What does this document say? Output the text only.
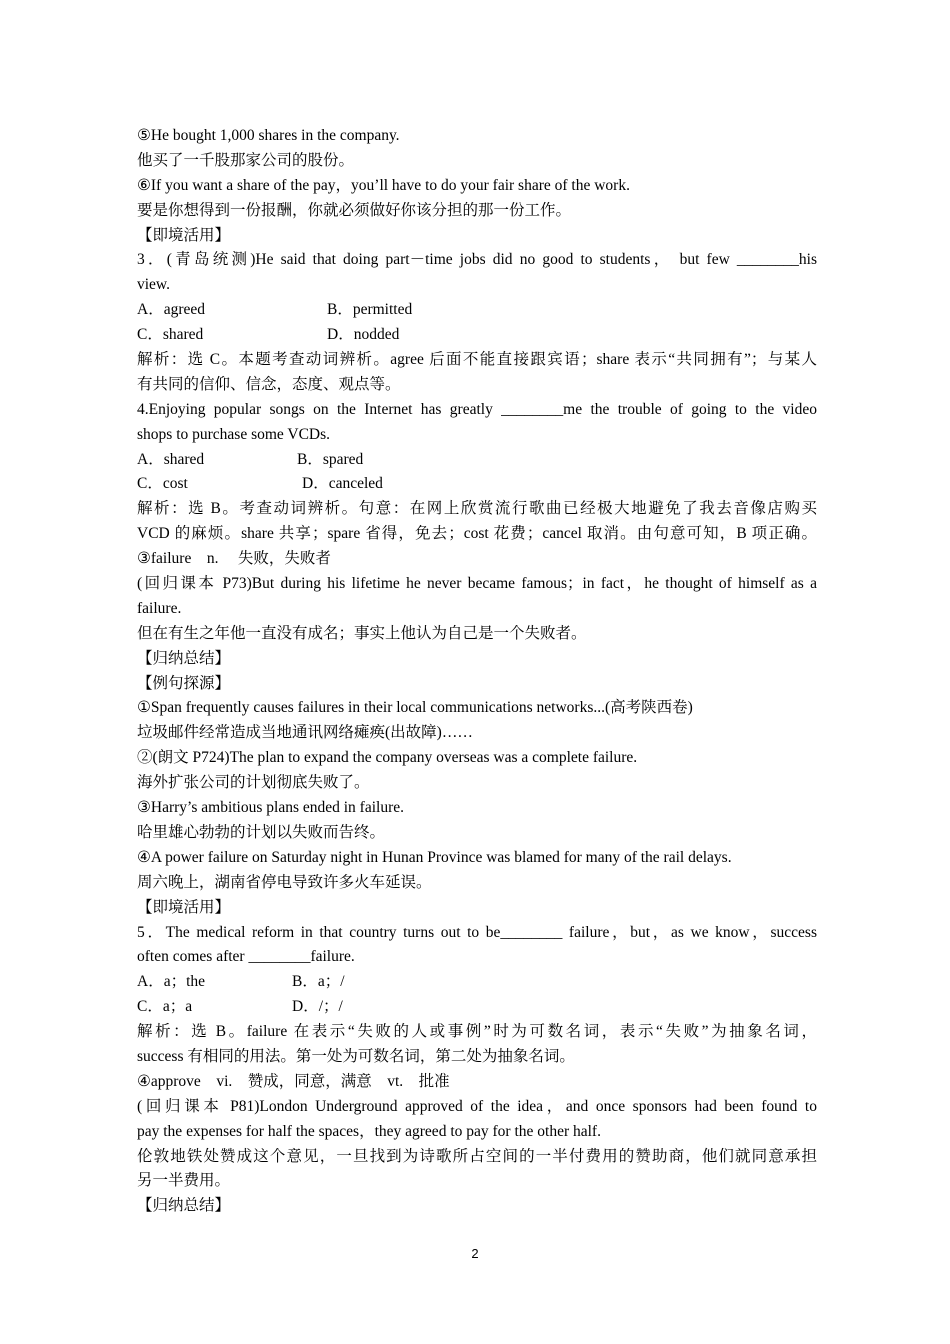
⑤He bought 1,000 shares in the company.
他买了一千股那家公司的股份。
⑥If you want a share of the pay，you’ll have to do your fair share of the work.
要是你想得到一份报酬，你就必须做好你该分担的那一份工作。
【即境活用】
3．(青岛统测)He said that doing part－time jobs did no good to students， but few ________his
view.
A．agreed	B．permitted
C．shared	D．nodded
解析：选 C。本题考查动词辨析。agree 后面不能直接跟宾语；share 表示“共同拥有”；与某人
有共同的信仰、信念，态度、观点等。
4.Enjoying popular songs on the Internet has greatly ________me the trouble of going to the video
shops to purchase some VCDs.
A．shared	B．spared
C．cost	D．canceled
解析：选 B。考查动词辨析。句意：在网上欣赏流行歌曲已经极大地避免了我去音像店购买
VCD 的麻烦。share 共享；spare 省得，免去；cost 花费；cancel 取消。由句意可知，B 项正确。
③failure　n.　 失败，失败者
(回归课本 P73)But during his lifetime he never became famous；in fact，he thought of himself as a
failure.
但在有生之年他一直没有成名；事实上他认为自己是一个失败者。
【归纳总结】
【例句探源】
①Span frequently causes failures in their local communications networks...(高考陕西卷)
垃圾邮件经常造成当地通讯网络瘫痪(出故障)……
②(朗文 P724)The plan to expand the company overseas was a complete failure.
海外扩张公司的计划彻底失败了。
③Harry’s ambitious plans ended in failure.
哈里雄心勃勃的计划以失败而告终。
④A power failure on Saturday night in Hunan Province was blamed for many of the rail delays.
周六晚上，湖南省停电导致许多火车延误。
【即境活用】
5．The medical reform in that country turns out to be________ failure，but，as we know，success
often comes after ________failure.
A．a；the	B．a；/
C．a；a	D．/；/
解析：选 B。failure 在表示“失败的人或事例”时为可数名词，表示“失败”为抽象名词，
success 有相同的用法。第一处为可数名词，第二处为抽象名词。
④approve　vi.　赞成，同意，满意　vt.　批准
(回归课本 P81)London Underground approved of the idea，and once sponsors had been found to
pay the expenses for half the spaces，they agreed to pay for the other half.
伦敦地铁处赞成这个意见，一旦找到为诗歌所占空间的一半付费用的赞助商，他们就同意承担
另一半费用。
【归纳总结】
2
